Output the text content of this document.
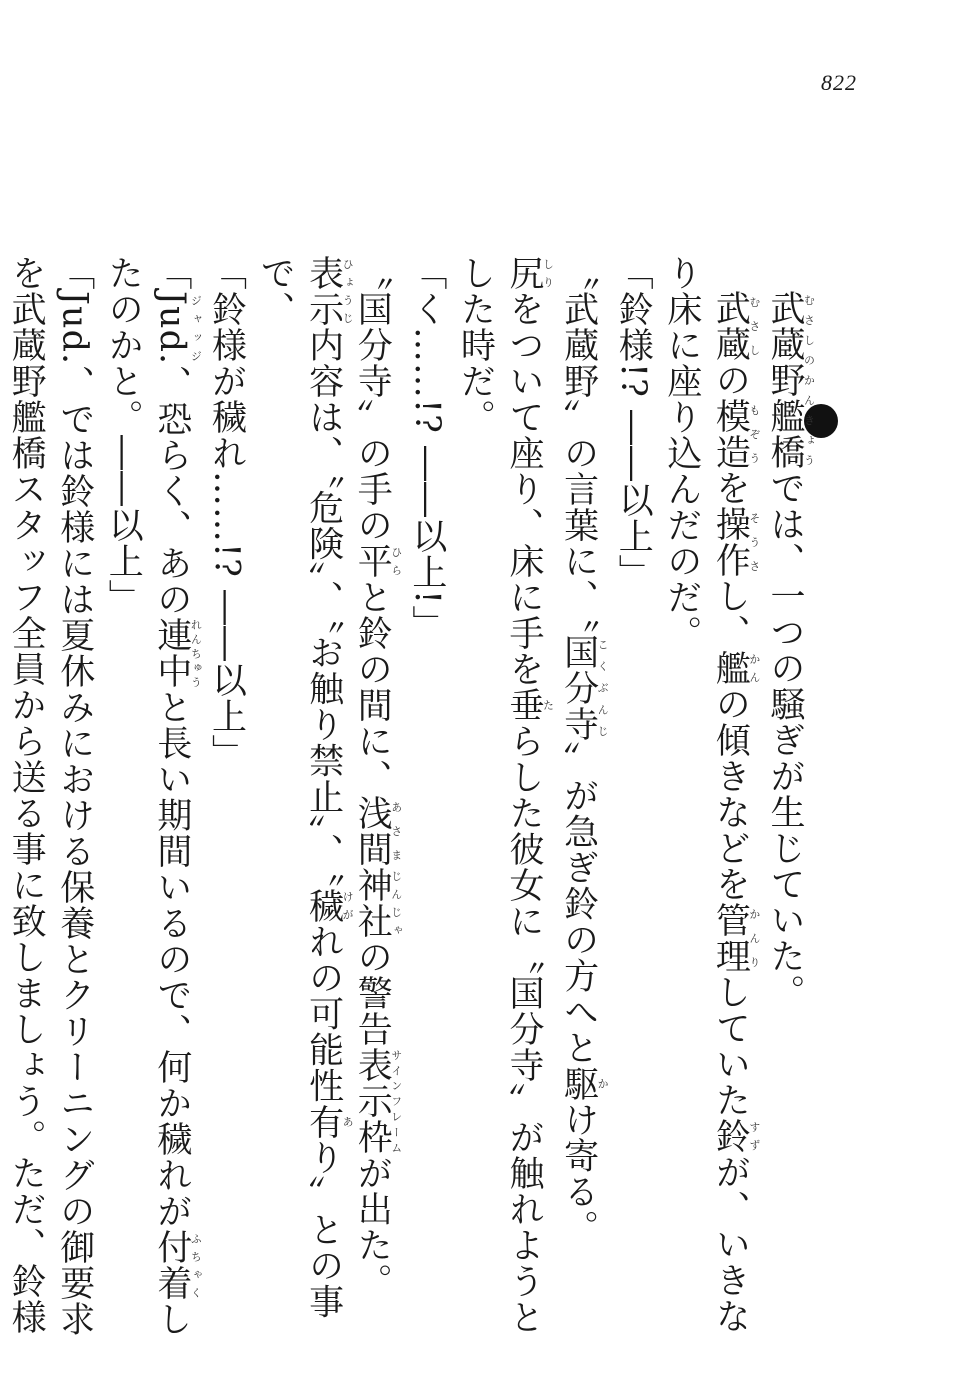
822

武蔵野艦橋むさしのかんきょうでは、一つの騒ぎが生じていた。

武蔵むさしの模造もぞうを操作そうさし、艦かんの傾きなどを管理かんりしていた鈴すずが、いきなり床に座り込んだのだ。

「鈴様!? ――以上」

〝武蔵野〟の言葉に、〝国分寺こくぶんじ〟が急ぎ鈴の方へと駆かけ寄る。

尻しりをついて座り、床に手を垂たらした彼女に〝国分寺〟が触れようとした時だ。

「く……!? ――以上!」

〝国分寺〟の手の平ひらと鈴の間に、浅間あさま神社じんじゃの警告表示枠サインフレームが出た。表示ひょうじ内容は、〝危険〟、〝お触り禁止〟、〝穢けがれの可能性有あり〟との事で、

「鈴様が穢れ……!? ――以上」

「Jud.ジャッジ、恐らく、あの連中れんちゅうと長い期間いるので、何か穢れが付着ふちゃくしたのかと。――以上」

「Jud.、では鈴様には夏休みにおける保養とクリーニングの御要求を武蔵野艦橋スタッフ全員から送る事に致しましょう。ただ、鈴様
